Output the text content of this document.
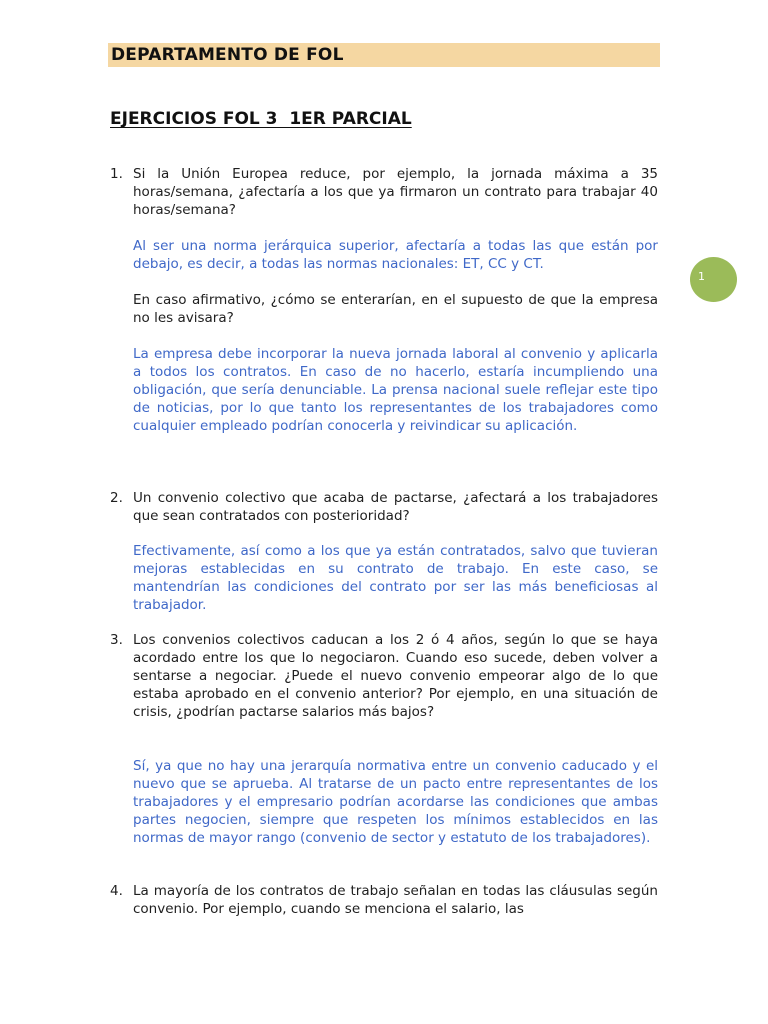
DEPARTAMENTO DE FOL
EJERCICIOS FOL 3  1ER PARCIAL
1
1. Si la Unión Europea reduce, por ejemplo, la jornada máxima a 35 horas/semana, ¿afectaría a los que ya firmaron un contrato para trabajar 40 horas/semana?

Al ser una norma jerárquica superior, afectaría a todas las que están por debajo, es decir, a todas las normas nacionales: ET, CC y CT.

En caso afirmativo, ¿cómo se enterarían, en el supuesto de que la empresa no les avisara?

La empresa debe incorporar la nueva jornada laboral al convenio y aplicarla a todos los contratos. En caso de no hacerlo, estaría incumpliendo una obligación, que sería denunciable. La prensa nacional suele reflejar este tipo de noticias, por lo que tanto los representantes de los trabajadores como cualquier empleado podrían conocerla y reivindicar su aplicación.

2. Un convenio colectivo que acaba de pactarse, ¿afectará a los trabajadores que sean contratados con posterioridad?

Efectivamente, así como a los que ya están contratados, salvo que tuvieran mejoras establecidas en su contrato de trabajo. En este caso, se mantendrían las condiciones del contrato por ser las más beneficiosas al trabajador.

3. Los convenios colectivos caducan a los 2 ó 4 años, según lo que se haya acordado entre los que lo negociaron. Cuando eso sucede, deben volver a sentarse a negociar. ¿Puede el nuevo convenio empeorar algo de lo que estaba aprobado en el convenio anterior? Por ejemplo, en una situación de crisis, ¿podrían pactarse salarios más bajos?

Sí, ya que no hay una jerarquía normativa entre un convenio caducado y el nuevo que se aprueba. Al tratarse de un pacto entre representantes de los trabajadores y el empresario podrían acordarse las condiciones que ambas partes negocien, siempre que respeten los mínimos establecidos en las normas de mayor rango (convenio de sector y estatuto de los trabajadores).

4. La mayoría de los contratos de trabajo señalan en todas las cláusulas según convenio. Por ejemplo, cuando se menciona el salario, las
